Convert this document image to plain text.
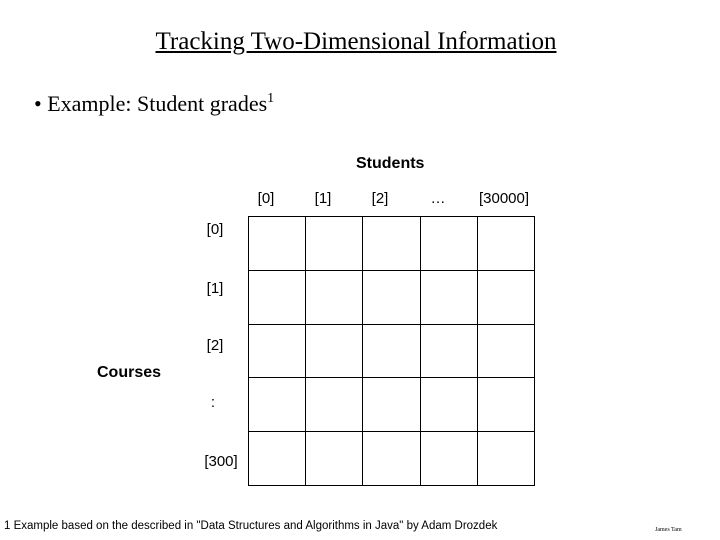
Tracking Two-Dimensional Information
• Example: Student grades$^1$
Students
[0]	[1]	[2]	…	[30000]
[0]
[1]
[2]
:
[300]
Courses
1 Example based on the described in "Data Structures and Algorithms in Java" by Adam Drozdek	James Tam
